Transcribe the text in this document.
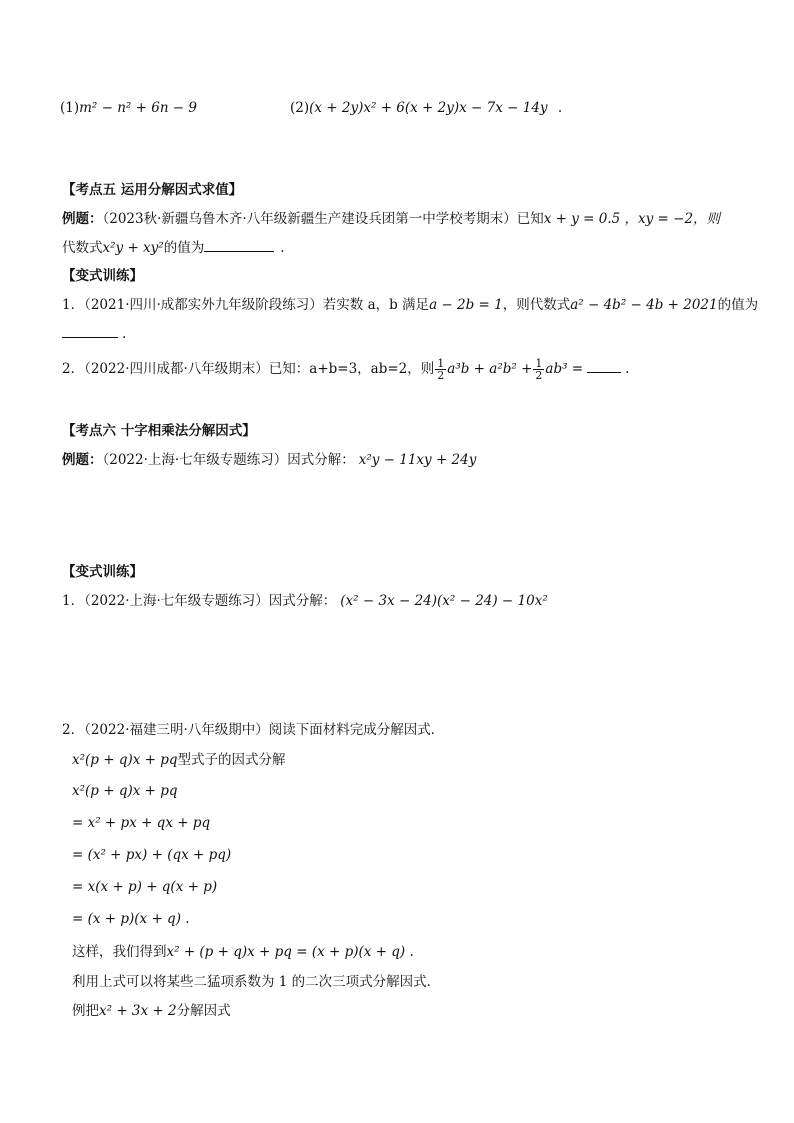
(1)m² − n² + 6n − 9	(2)(x + 2y)x² + 6(x + 2y)x − 7x − 14y .
【考点五 运用分解因式求值】
例题：（2023秋·新疆乌鲁木齐·八年级新疆生产建设兵团第一中学校考期末）已知x + y = 0.5 ，xy = −2，则
代数式x²y + xy²的值为	.
【变式训练】
1．（2021·四川·成都实外九年级阶段练习）若实数 a，b 满足a − 2b = 1，则代数式a² − 4b² − 4b + 2021的值为
.
2．（2022·四川成都·八年级期末）已知：a+b=3，ab=2，则 $\frac{1}{2} a^3b + a^2b^2 + \frac{1}{2} ab^3$ =	.
【考点六 十字相乘法分解因式】
例题：（2022·上海·七年级专题练习）因式分解： x²y − 11xy + 24y
【变式训练】
1．（2022·上海·七年级专题练习）因式分解： (x² − 3x − 24)(x² − 24) − 10x²
2．（2022·福建三明·八年级期中）阅读下面材料完成分解因式．
x²(p + q)x + pq型式子的因式分解
x²(p + q)x + pq
= x² + px + qx + pq
= (x² + px) + (qx + pq)
= x(x + p) + q(x + p)
= (x + p)(x + q) .
这样，我们得到x² + (p + q)x + pq = (x + p)(x + q) .
利用上式可以将某些二猛项系数为 1 的二次三项式分解因式．
例把x² + 3x + 2分解因式
